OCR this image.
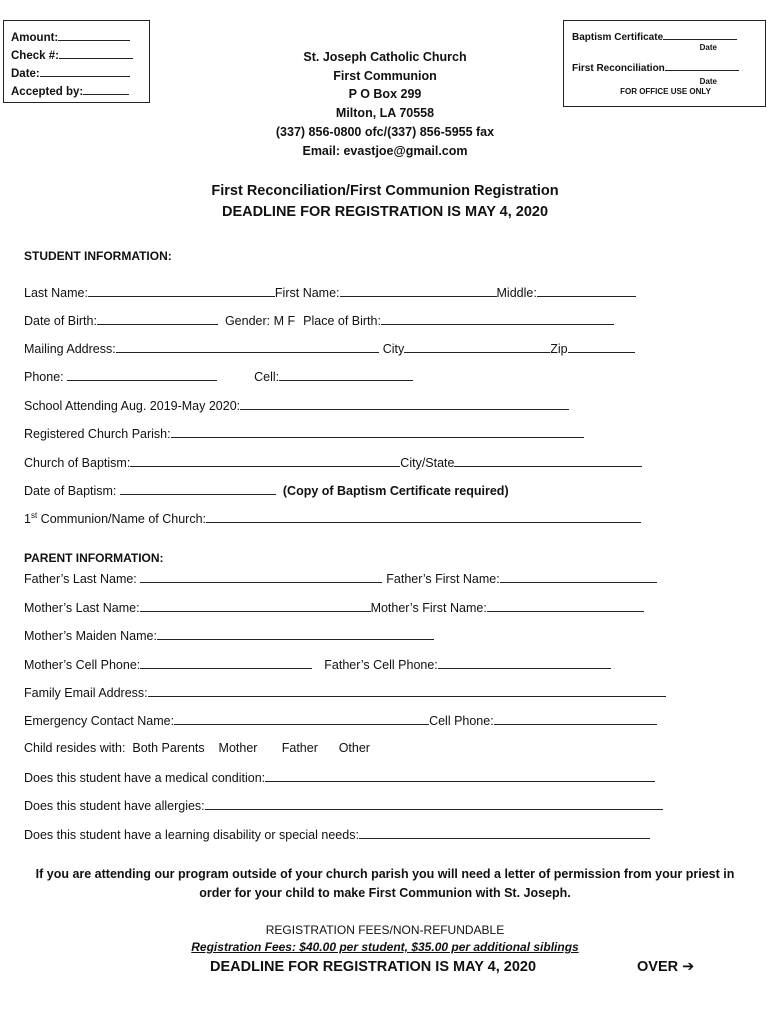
Amount:
Check #:
Date:
Accepted by:
Baptism Certificate
Date
First Reconciliation
Date
FOR OFFICE USE ONLY
St. Joseph Catholic Church
First Communion
P O Box 299
Milton, LA 70558
(337) 856-0800 ofc/(337) 856-5955 fax
Email: evastjoe@gmail.com
First Reconciliation/First Communion Registration
DEADLINE FOR REGISTRATION IS MAY 4, 2020
STUDENT INFORMATION:
Last Name:	First Name:	Middle:
Date of Birth:	Gender: M F Place of Birth:
Mailing Address:	City	Zip
Phone:	Cell:
School Attending Aug. 2019-May 2020:
Registered Church Parish:
Church of Baptism:	City/State
Date of Baptism:	(Copy of Baptism Certificate required)
1st Communion/Name of Church:
PARENT INFORMATION:
Father’s Last Name:	Father’s First Name:
Mother’s Last Name:	Mother’s First Name:
Mother’s Maiden Name:
Mother’s Cell Phone:	Father’s Cell Phone:
Family Email Address:
Emergency Contact Name:	Cell Phone:
Child resides with:  Both Parents    Mother       Father      Other
Does this student have a medical condition:
Does this student have allergies:
Does this student have a learning disability or special needs:
If you are attending our program outside of your church parish you will need a letter of permission from your priest in order for your child to make First Communion with St. Joseph.
REGISTRATION FEES/NON-REFUNDABLE
Registration Fees: $40.00 per student, $35.00 per additional siblings
DEADLINE FOR REGISTRATION IS MAY 4, 2020	OVER ➔
